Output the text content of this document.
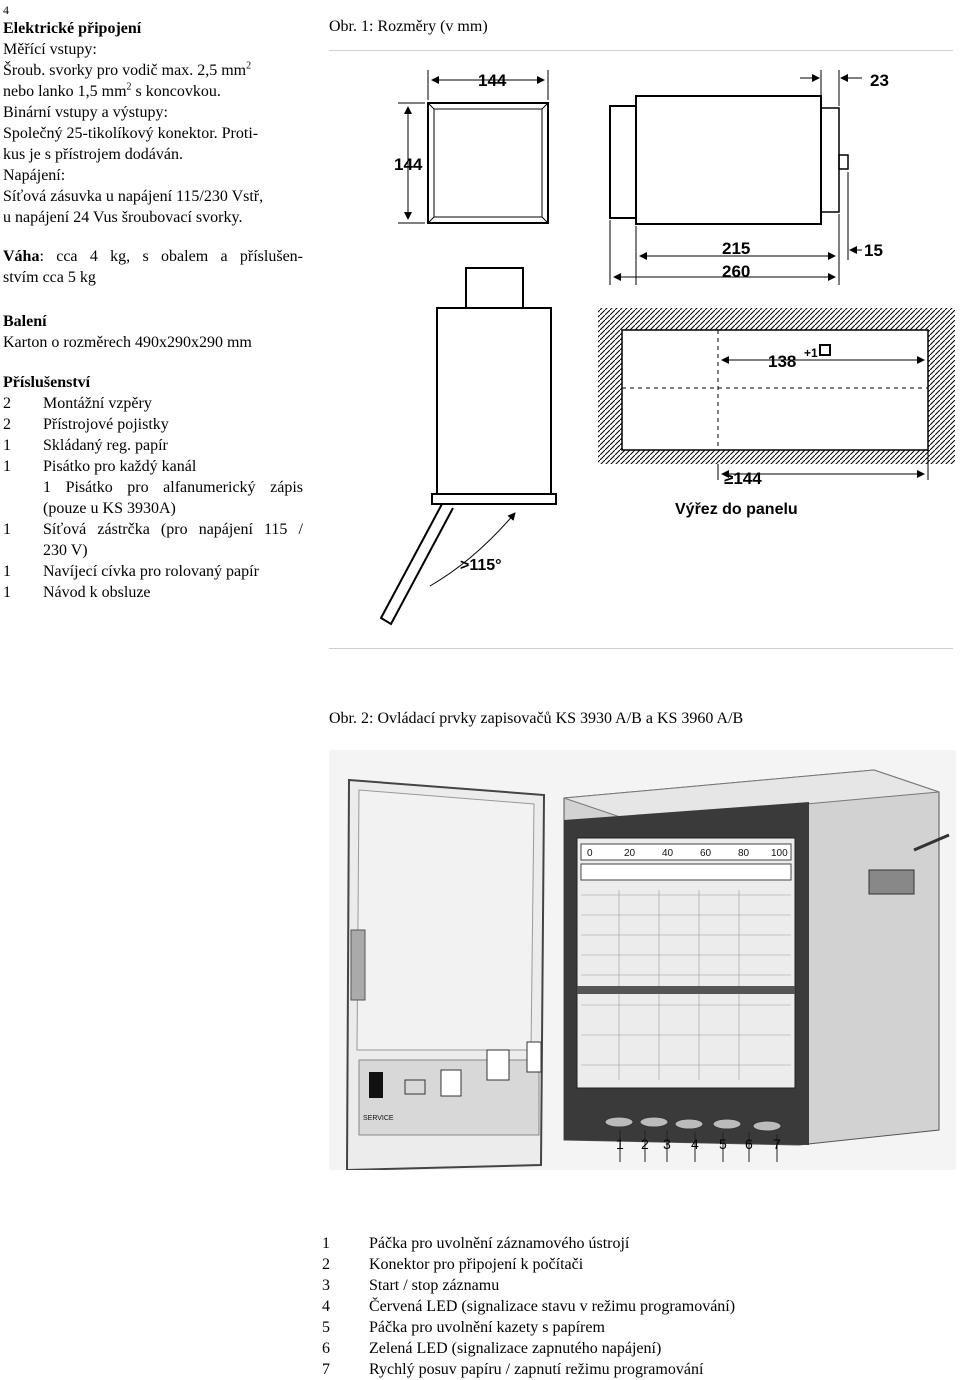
4
Elektrické připojení
Měřící vstupy:
Šroub. svorky pro vodič max. 2,5 $mm^2$
nebo lanko 1,5 $mm^2$ s koncovkou.
Binární vstupy a výstupy:
Společný 25-tikolíkový konektor. Proti-
kus je s přístrojem dodáván.
Napájení:
Síťová zásuvka u napájení 115/230 Vstř,
u napájení 24 Vus šroubovací svorky.
Váha: cca 4 kg, s obalem a příslušen-
stvím cca 5 kg
Balení
Karton o rozměrech 490x290x290 mm
Příslušenství
2 Montážní vzpěry
2 Přístrojové pojistky
1 Skládaný reg. papír
1 Pisátko pro každý kanál
1 Pisátko pro alfanumerický zápis
(pouze u KS 3930A)
1 Síťová zástrčka (pro napájení 115 /
230 V)
1 Navíjecí cívka pro rolovaný papír
1 Návod k obsluze
Obr. 1: Rozměry (v mm)
144
144
23
215
260
15
138 +1
≥144
Výřez do panelu
>115°
Obr. 2: Ovládací prvky zapisovačů KS 3930 A/B a KS 3960 A/B
0	20	40	60	80 100
SERVICE
1 2 3 4 5 6 7
1 Páčka pro uvolnění záznamového ústrojí
2 Konektor pro připojení k počítači
3 Start / stop záznamu
4 Červená LED (signalizace stavu v režimu programování)
5 Páčka pro uvolnění kazety s papírem
6 Zelená LED (signalizace zapnutého napájení)
7 Rychlý posuv papíru / zapnutí režimu programování
